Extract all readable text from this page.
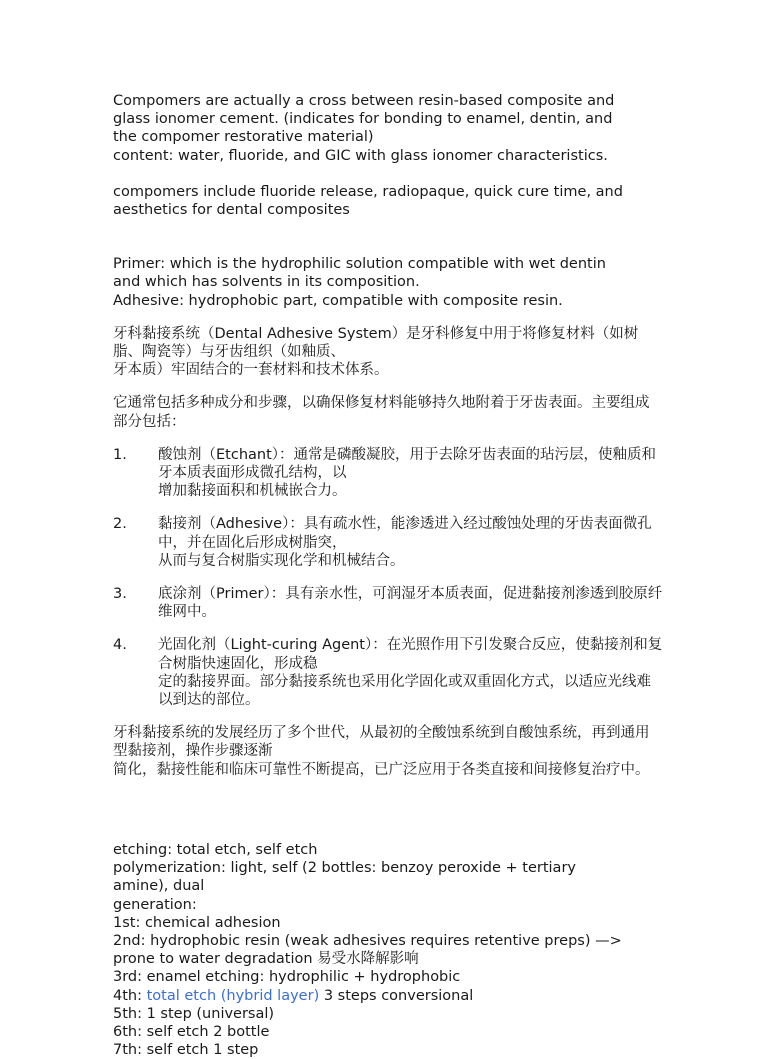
Compomers are actually a cross between resin-based composite and

glass ionomer cement. (indicates for bonding to enamel, dentin, and

the compomer restorative material)

content: water, fluoride, and GIC with glass ionomer characteristics.

compomers include fluoride release, radiopaque, quick cure time, and

aesthetics for dental composites

Primer: which is the hydrophilic solution compatible with wet dentin

and which has solvents in its composition.

Adhesive: hydrophobic part, compatible with composite resin.

牙科黏接系统（Dental Adhesive System）是牙科修复中用于将修复材料（如树脂、陶瓷等）与牙齿组织（如釉质、

牙本质）牢固结合的一套材料和技术体系。

它通常包括多种成分和步骤，以确保修复材料能够持久地附着于牙齿表面。主要组成部分包括：

1.	酸蚀剂（Etchant）：通常是磷酸凝胶，用于去除牙齿表面的玷污层，使釉质和牙本质表面形成微孔结构，以

增加黏接面积和机械嵌合力。

2.	黏接剂（Adhesive）：具有疏水性，能渗透进入经过酸蚀处理的牙齿表面微孔中，并在固化后形成树脂突，

从而与复合树脂实现化学和机械结合。

3.	底涂剂（Primer）：具有亲水性，可润湿牙本质表面，促进黏接剂渗透到胶原纤维网中。

4.	光固化剂（Light-curing Agent）：在光照作用下引发聚合反应，使黏接剂和复合树脂快速固化，形成稳

定的黏接界面。部分黏接系统也采用化学固化或双重固化方式，以适应光线难以到达的部位。

牙科黏接系统的发展经历了多个世代，从最初的全酸蚀系统到自酸蚀系统，再到通用型黏接剂，操作步骤逐渐

简化，黏接性能和临床可靠性不断提高，已广泛应用于各类直接和间接修复治疗中。

etching: total etch, self etch

polymerization: light, self (2 bottles: benzoy peroxide + tertiary

amine), dual

generation:

1st: chemical adhesion

2nd: hydrophobic resin (weak adhesives requires retentive preps) —>

prone to water degradation 易受水降解影响

3rd: enamel etching: hydrophilic + hydrophobic

4th: total etch (hybrid layer) 3 steps conversional

5th: 1 step (universal)

6th: self etch 2 bottle

7th: self etch 1 step
